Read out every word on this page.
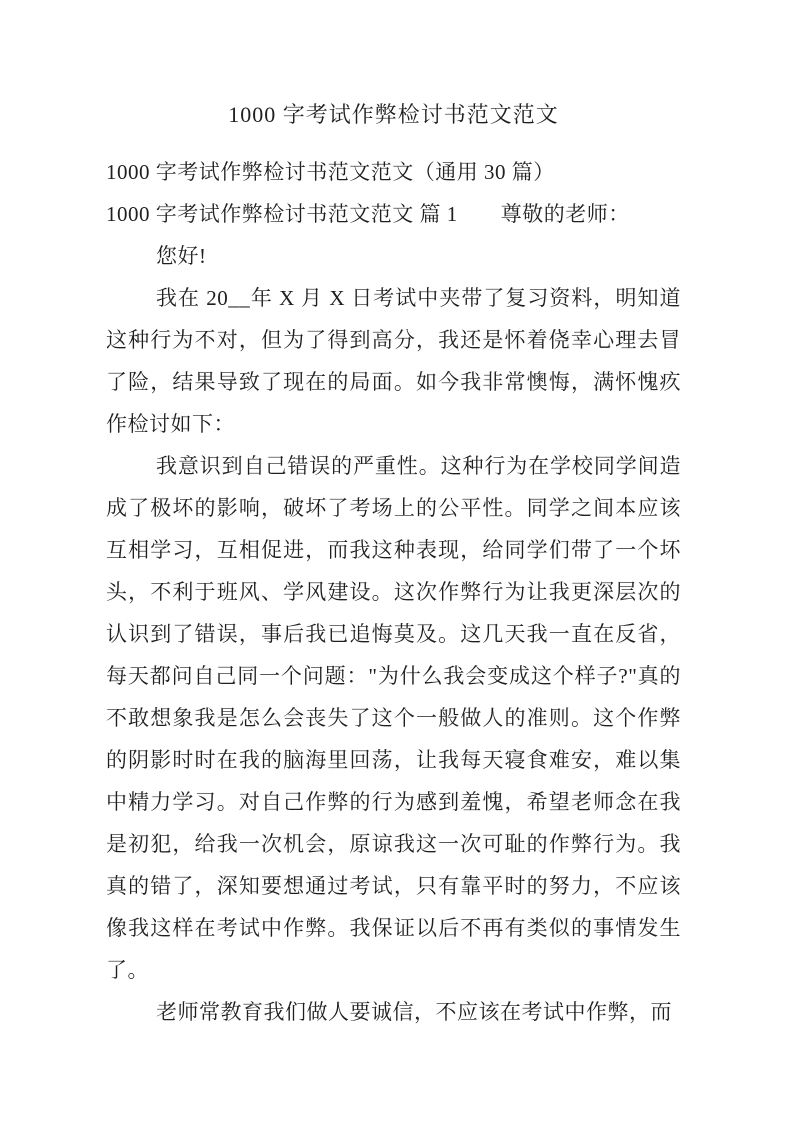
1000 字考试作弊检讨书范文范文

1000 字考试作弊检讨书范文范文（通用 30 篇）

1000 字考试作弊检讨书范文范文 篇 1　　尊敬的老师：

您好!

我在 20__年 X 月 X 日考试中夹带了复习资料，明知道这种行为不对，但为了得到高分，我还是怀着侥幸心理去冒了险，结果导致了现在的局面。如今我非常懊悔，满怀愧疚作检讨如下：

我意识到自己错误的严重性。这种行为在学校同学间造成了极坏的影响，破坏了考场上的公平性。同学之间本应该互相学习，互相促进，而我这种表现，给同学们带了一个坏头，不利于班风、学风建设。这次作弊行为让我更深层次的认识到了错误，事后我已追悔莫及。这几天我一直在反省，每天都问自己同一个问题："为什么我会变成这个样子?"真的不敢想象我是怎么会丧失了这个一般做人的准则。这个作弊的阴影时时在我的脑海里回荡，让我每天寝食难安，难以集中精力学习。对自己作弊的行为感到羞愧，希望老师念在我是初犯，给我一次机会，原谅我这一次可耻的作弊行为。我真的错了，深知要想通过考试，只有靠平时的努力，不应该像我这样在考试中作弊。我保证以后不再有类似的事情发生了。

老师常教育我们做人要诚信，不应该在考试中作弊，而
